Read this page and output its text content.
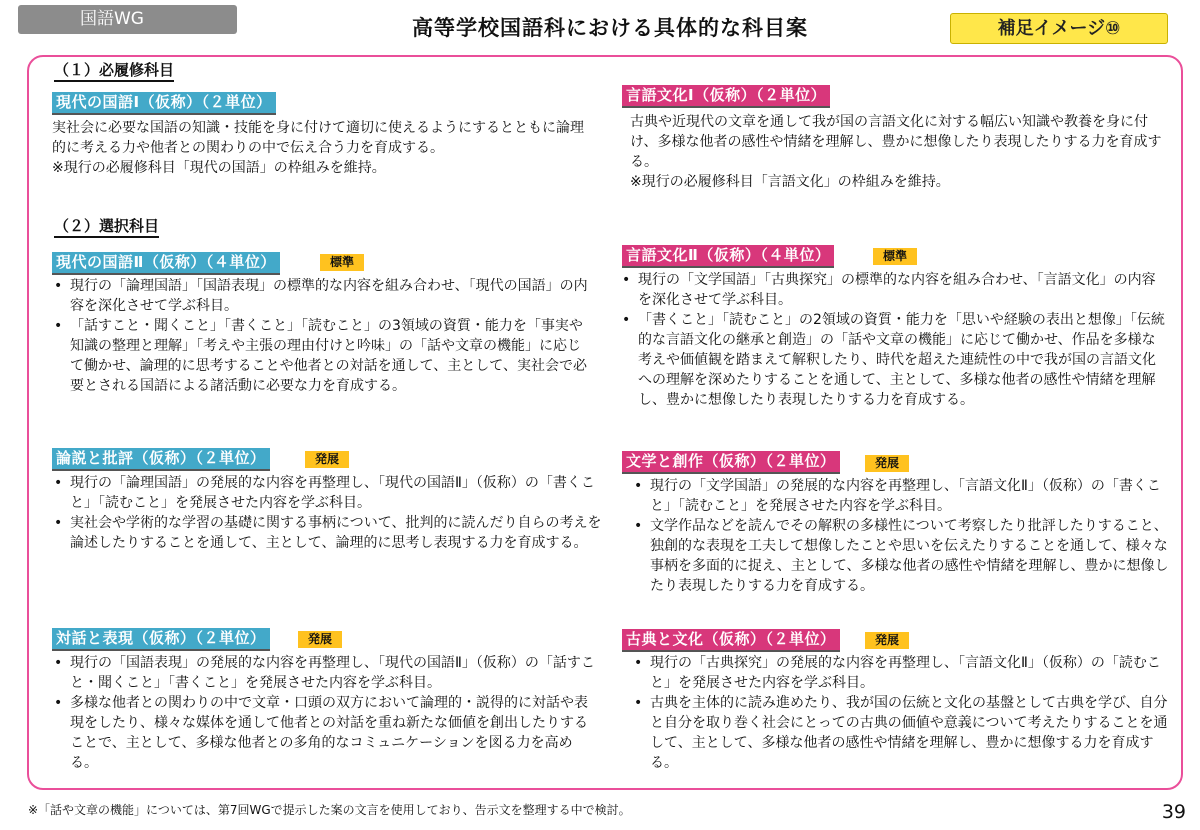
国語WG	高等学校国語科における具体的な科目案	補足イメージ⑩
（１）必履修科目
現代の国語Ⅰ（仮称）（２単位）

実社会に必要な国語の知識・技能を身に付けて適切に使えるようにするとともに論理的に考える力や他者との関わりの中で伝え合う力を育成する。

※現行の必履修科目「現代の国語」の枠組みを維持。

言語文化Ⅰ（仮称）（２単位）

古典や近現代の文章を通して我が国の言語文化に対する幅広い知識や教養を身に付け、多様な他者の感性や情緒を理解し、豊かに想像したり表現したりする力を育成する。

※現行の必履修科目「言語文化」の枠組みを維持。

（２）選択科目
現代の国語Ⅱ（仮称）（４単位）	標準
• 現行の「論理国語」「国語表現」の標準的な内容を組み合わせ、「現代の国語」の内容を深化させて学ぶ科目。
• 「話すこと・聞くこと」「書くこと」「読むこと」の3領域の資質・能力を「事実や知識の整理と理解」「考えや主張の理由付けと吟味」の「話や文章の機能」に応じて働かせ、論理的に思考することや他者との対話を通して、主として、実社会で必要とされる国語による諸活動に必要な力を育成する。
言語文化Ⅱ（仮称）（４単位）	標準
• 現行の「文学国語」「古典探究」の標準的な内容を組み合わせ、「言語文化」の内容を深化させて学ぶ科目。
• 「書くこと」「読むこと」の2領域の資質・能力を「思いや経験の表出と想像」「伝統的な言語文化の継承と創造」の「話や文章の機能」に応じて働かせ、作品を多様な考えや価値観を踏まえて解釈したり、時代を超えた連続性の中で我が国の言語文化への理解を深めたりすることを通して、主として、多様な他者の感性や情緒を理解し、豊かに想像したり表現したりする力を育成する。
論説と批評（仮称）（２単位）	発展
• 現行の「論理国語」の発展的な内容を再整理し、「現代の国語Ⅱ」（仮称）の「書くこと」「読むこと」を発展させた内容を学ぶ科目。
• 実社会や学術的な学習の基礎に関する事柄について、批判的に読んだり自らの考えを論述したりすることを通して、主として、論理的に思考し表現する力を育成する。
文学と創作（仮称）（２単位）	発展
• 現行の「文学国語」の発展的な内容を再整理し、「言語文化Ⅱ」（仮称）の「書くこと」「読むこと」を発展させた内容を学ぶ科目。
• 文学作品などを読んでその解釈の多様性について考察したり批評したりすること、独創的な表現を工夫して想像したことや思いを伝えたりすることを通して、様々な事柄を多面的に捉え、主として、多様な他者の感性や情緒を理解し、豊かに想像したり表現したりする力を育成する。
対話と表現（仮称）（２単位）	発展
• 現行の「国語表現」の発展的な内容を再整理し、「現代の国語Ⅱ」（仮称）の「話すこと・聞くこと」「書くこと」を発展させた内容を学ぶ科目。
• 多様な他者との関わりの中で文章・口頭の双方において論理的・説得的に対話や表現をしたり、様々な媒体を通して他者との対話を重ね新たな価値を創出したりすることで、主として、多様な他者との多角的なコミュニケーションを図る力を高める。
古典と文化（仮称）（２単位）	発展
• 現行の「古典探究」の発展的な内容を再整理し、「言語文化Ⅱ」（仮称）の「読むこと」を発展させた内容を学ぶ科目。
• 古典を主体的に読み進めたり、我が国の伝統と文化の基盤として古典を学び、自分と自分を取り巻く社会にとっての古典の価値や意義について考えたりすることを通して、主として、多様な他者の感性や情緒を理解し、豊かに想像する力を育成する。
※「話や文章の機能」については、第7回WGで提示した案の文言を使用しており、告示文を整理する中で検討。	39
